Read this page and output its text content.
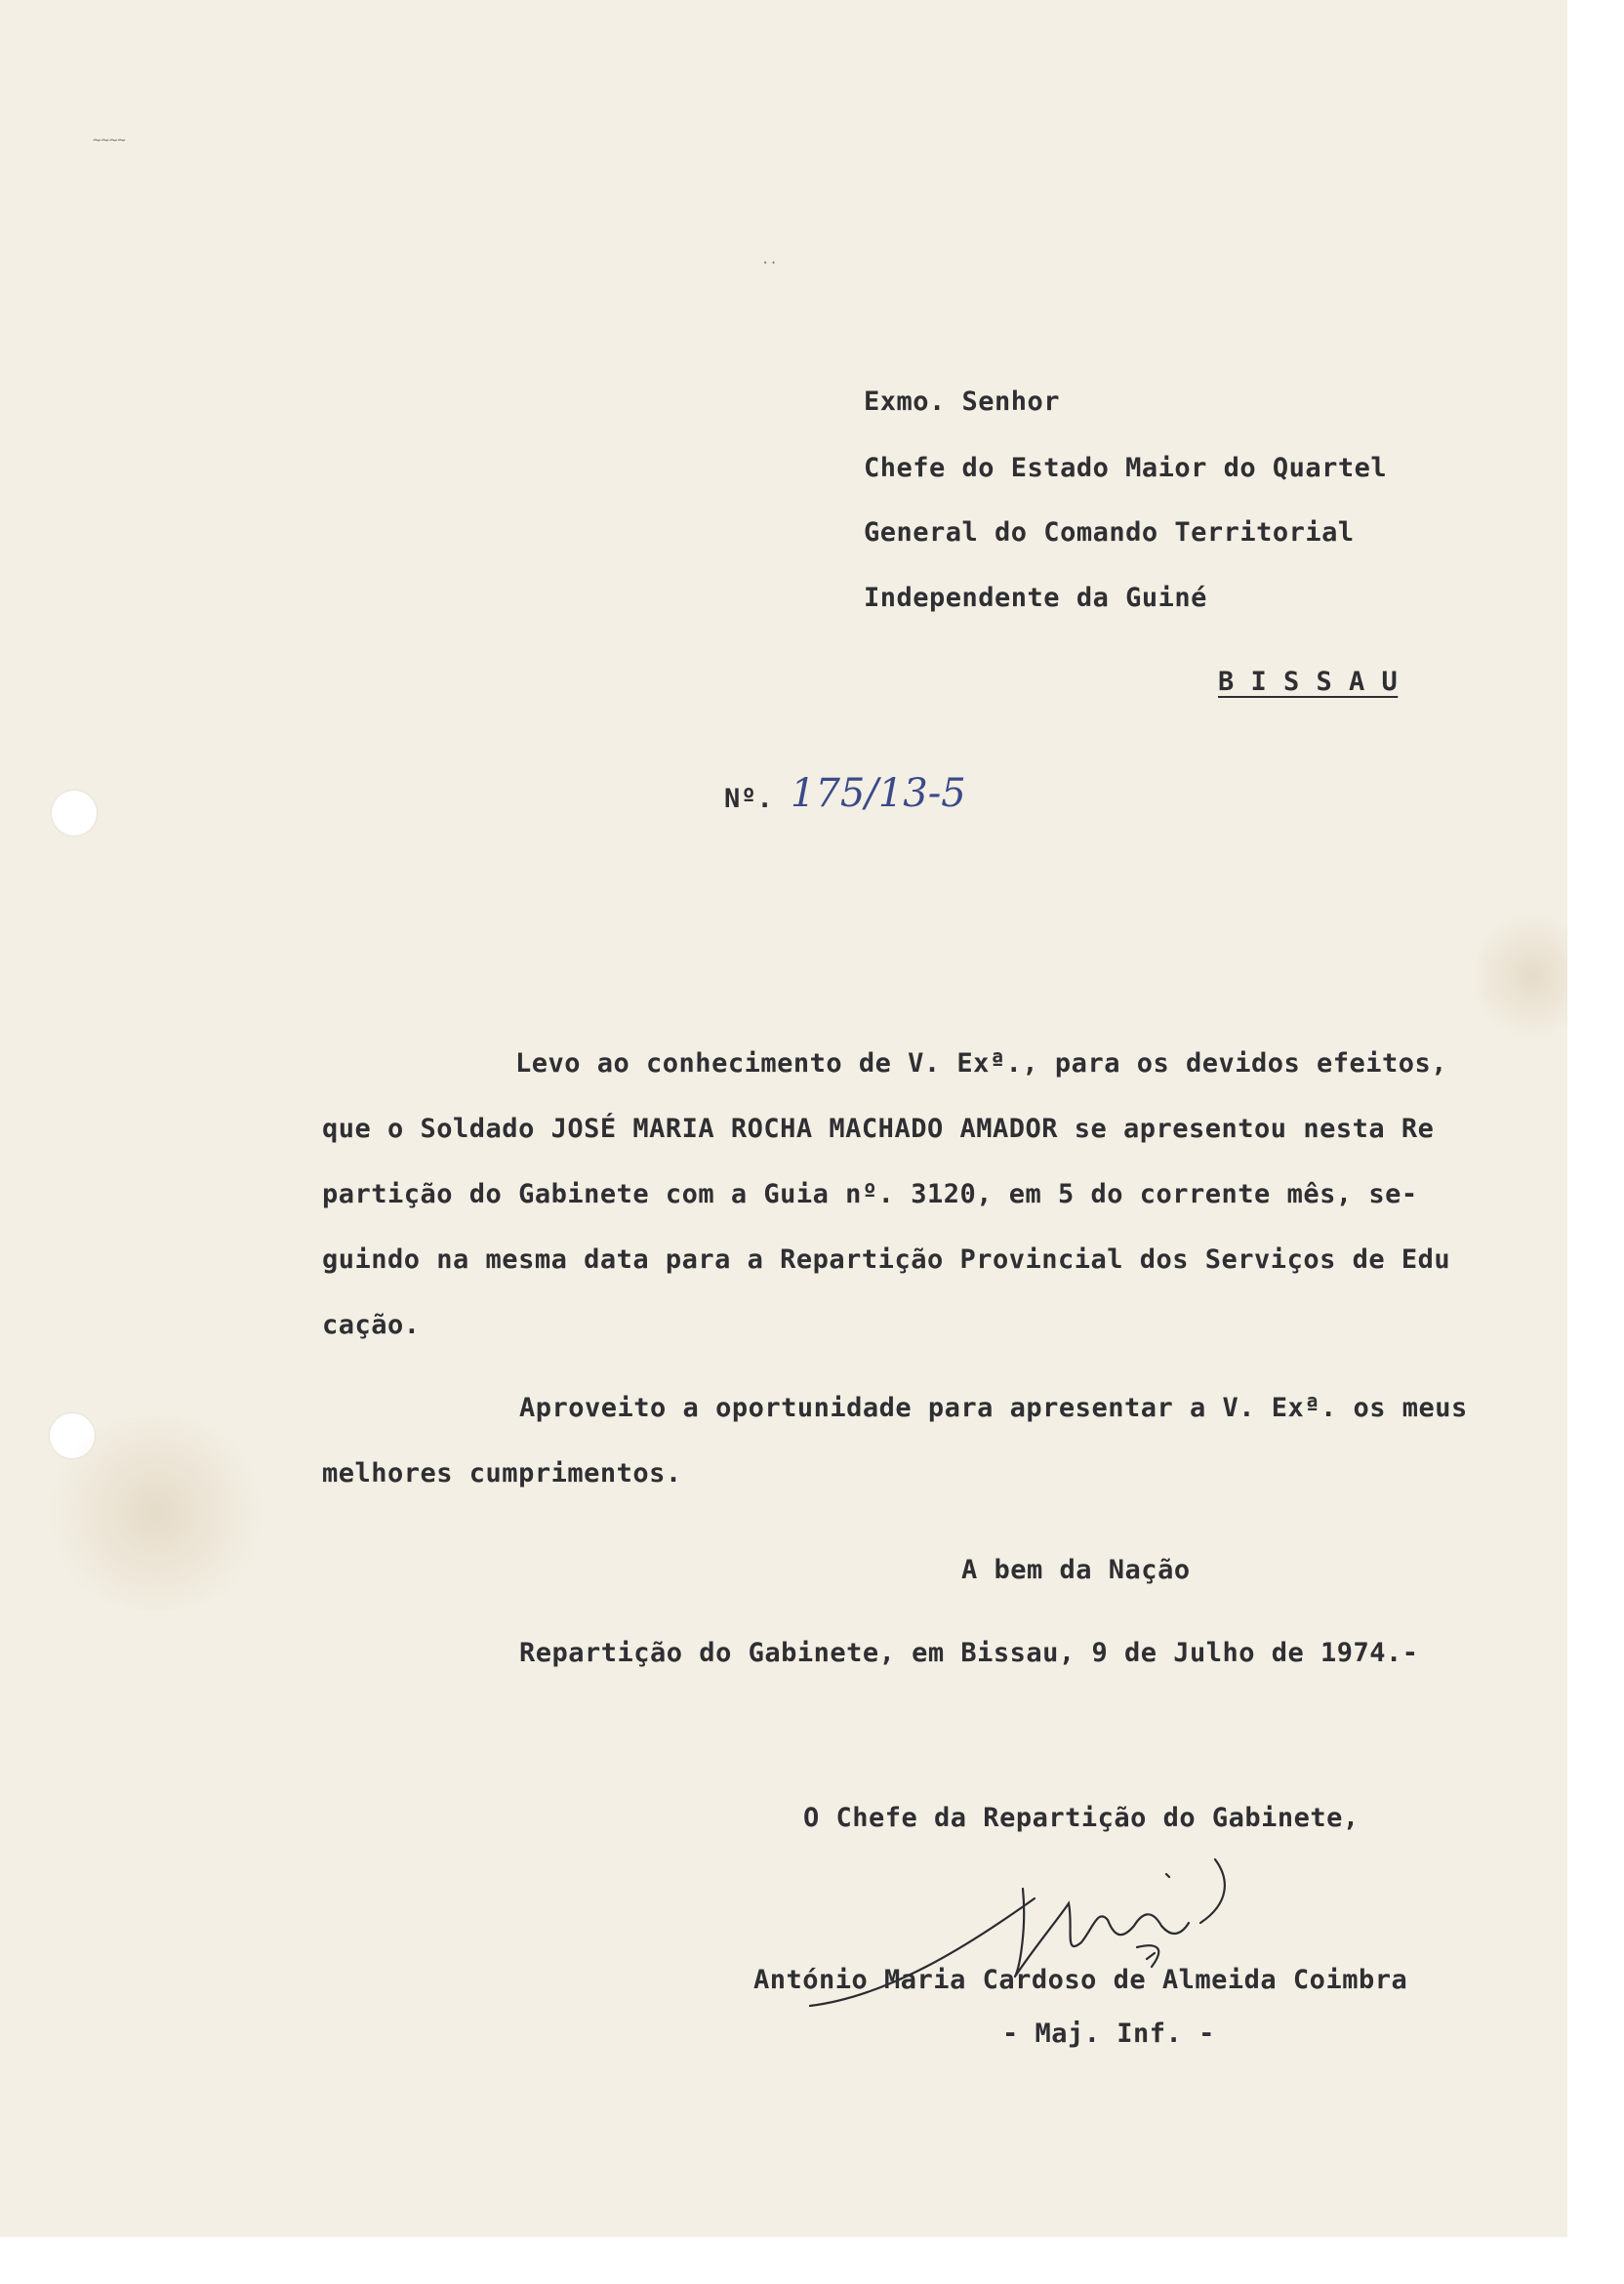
~~~~
··
Exmo. Senhor
Chefe do Estado Maior do Quartel
General do Comando Territorial
Independente da Guiné
B I S S A U
Nº. 175/13-5
Levo ao conhecimento de V. Exª., para os devidos efeitos,
que o Soldado JOSÉ MARIA ROCHA MACHADO AMADOR se apresentou nesta Re
partição do Gabinete com a Guia nº. 3120, em 5 do corrente mês, se-
guindo na mesma data para a Repartição Provincial dos Serviços de Edu
cação.
Aproveito a oportunidade para apresentar a V. Exª. os meus
melhores cumprimentos.
A bem da Nação
Repartição do Gabinete, em Bissau, 9 de Julho de 1974.-
O Chefe da Repartição do Gabinete,
António Maria Cardoso de Almeida Coimbra
- Maj. Inf. -
